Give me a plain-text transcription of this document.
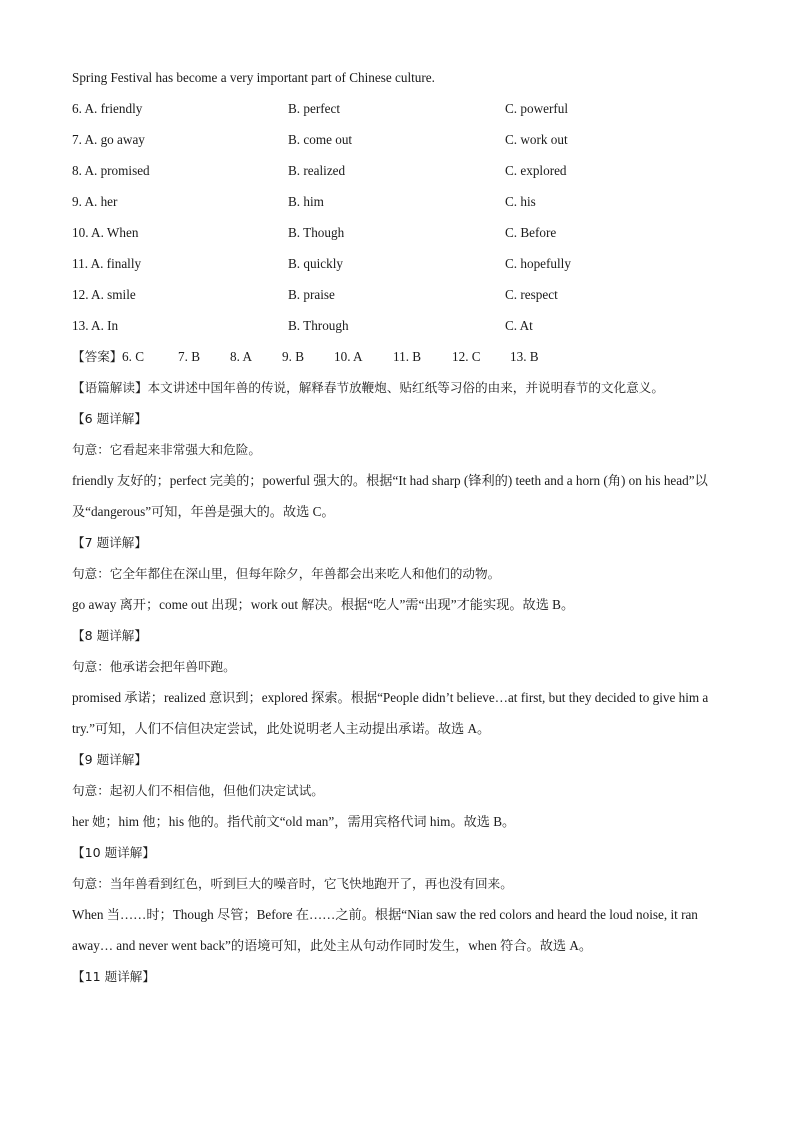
Spring Festival has become a very important part of Chinese culture.
6. A. friendly	B. perfect	C. powerful
7. A. go away	B. come out	C. work out
8. A. promised	B. realized	C. explored
9. A. her	B. him	C. his
10. A. When	B. Though	C. Before
11. A. finally	B. quickly	C. hopefully
12. A. smile	B. praise	C. respect
13. A. In	B. Through	C. At
【答案】 6. C	7. B 8. A 9. B 10. A 11. B 12. C 13. B
【语篇解读】本文讲述中国年兽的传说，解释春节放鞭炮、贴红纸等习俗的由来，并说明春节的文化意义。
【6 题详解】
句意：它看起来非常强大和危险。
friendly 友好的；perfect 完美的；powerful 强大的。根据“It had sharp (锋利的) teeth and a horn (角) on his head”以及“dangerous”可知，年兽是强大的。故选 C。
【7 题详解】
句意：它全年都住在深山里，但每年除夕，年兽都会出来吃人和他们的动物。
go away 离开；come out 出现；work out 解决。根据“吃人”需“出现”才能实现。故选 B。
【8 题详解】
句意：他承诺会把年兽吓跑。
promised 承诺；realized 意识到；explored 探索。根据“People didn’t believe…at first, but they decided to give him a try.”可知，人们不信但决定尝试，此处说明老人主动提出承诺。故选 A。
【9 题详解】
句意：起初人们不相信他，但他们决定试试。
her 她；him 他；his 他的。指代前文“old man”，需用宾格代词 him。故选 B。
【10 题详解】
句意：当年兽看到红色，听到巨大的噪音时，它飞快地跑开了，再也没有回来。
When 当……时；Though 尽管；Before 在……之前。根据“Nian saw the red colors and heard the loud noise, it ran away… and never went back”的语境可知，此处主从句动作同时发生，when 符合。故选 A。
【11 题详解】
